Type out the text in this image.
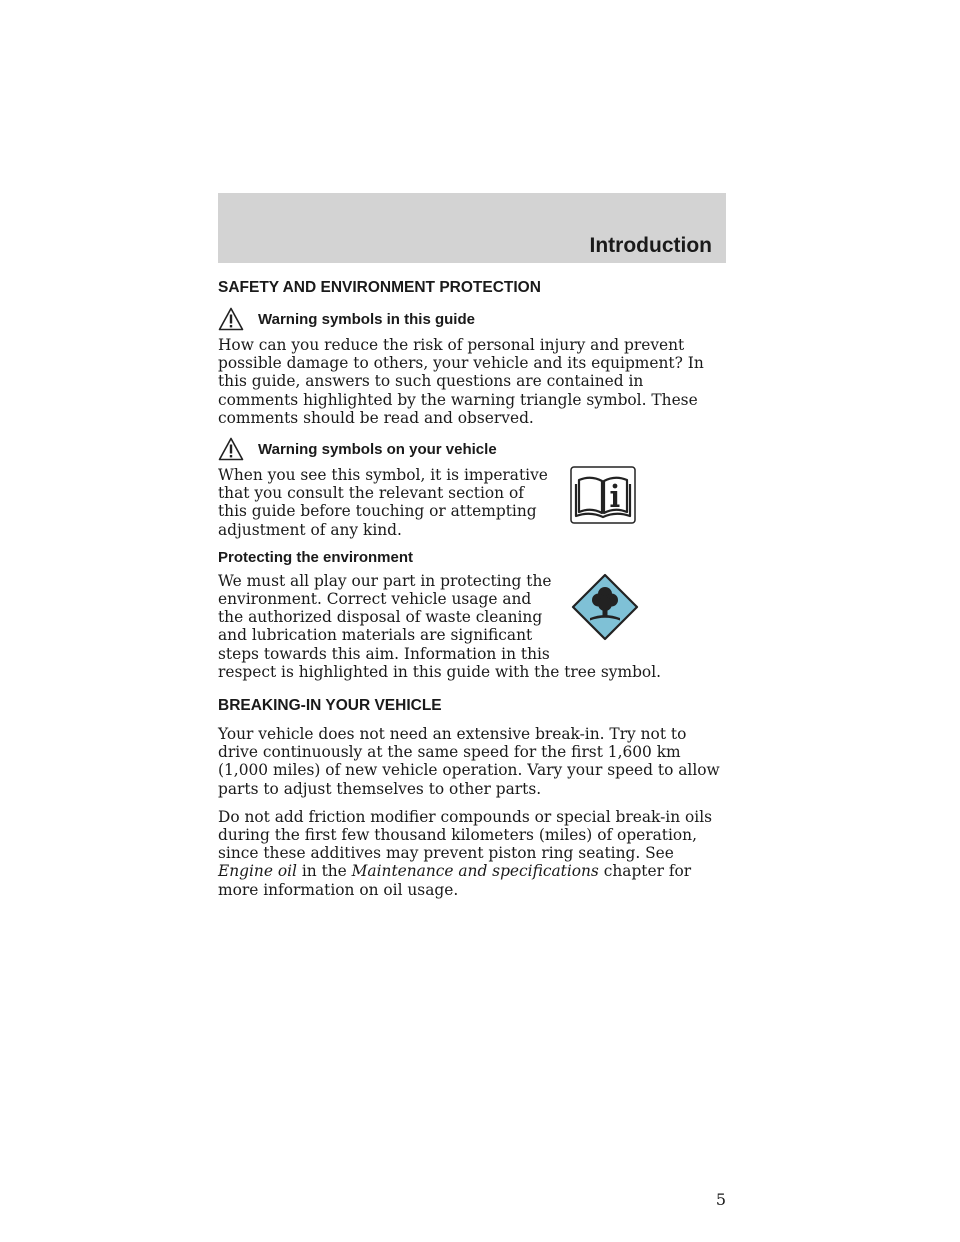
Introduction
SAFETY AND ENVIRONMENT PROTECTION
Warning symbols in this guide

How can you reduce the risk of personal injury and prevent possible damage to others, your vehicle and its equipment? In this guide, answers to such questions are contained in comments highlighted by the warning triangle symbol. These comments should be read and observed.

Warning symbols on your vehicle

When you see this symbol, it is imperative that you consult the relevant section of this guide before touching or attempting adjustment of any kind.

Protecting the environment

We must all play our part in protecting the environment. Correct vehicle usage and the authorized disposal of waste cleaning and lubrication materials are significant steps towards this aim. Information in this respect is highlighted in this guide with the tree symbol.

BREAKING-IN YOUR VEHICLE

Your vehicle does not need an extensive break-in. Try not to drive continuously at the same speed for the first 1,600 km (1,000 miles) of new vehicle operation. Vary your speed to allow parts to adjust themselves to other parts.

Do not add friction modifier compounds or special break-in oils during the first few thousand kilometers (miles) of operation, since these additives may prevent piston ring seating. See Engine oil in the Maintenance and specifications chapter for more information on oil usage.

5
